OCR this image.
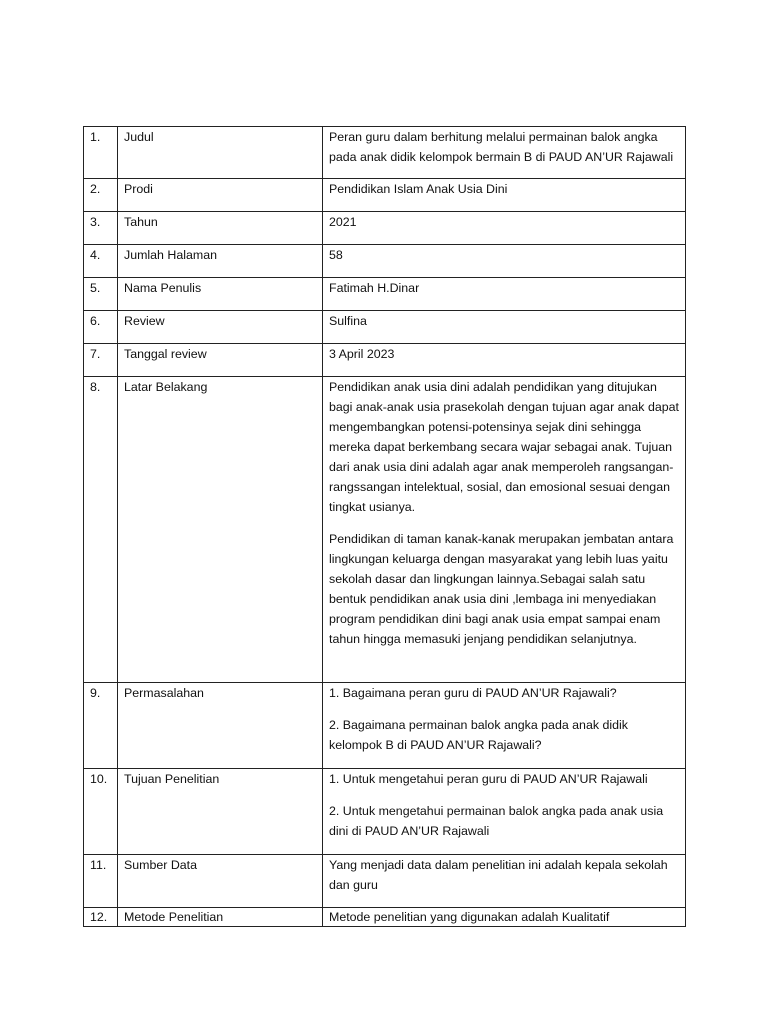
1.	Judul	Peran guru dalam berhitung melalui permainan balok angka pada anak didik kelompok bermain B di PAUD AN’UR Rajawali

2.	Prodi	Pendidikan Islam Anak Usia Dini

3.	Tahun	2021

4.	Jumlah Halaman	58

5.	Nama Penulis	Fatimah H.Dinar

6.	Review	Sulfina

7.	Tanggal review	3 April 2023

8.	Latar Belakang	Pendidikan anak usia dini adalah pendidikan yang ditujukan bagi anak-anak usia prasekolah dengan tujuan agar anak dapat mengembangkan potensi-potensinya sejak dini sehingga mereka dapat berkembang secara wajar sebagai anak. Tujuan dari anak usia dini adalah agar anak memperoleh rangsangan-rangssangan intelektual, sosial, dan emosional sesuai dengan tingkat usianya.
Pendidikan di taman kanak-kanak merupakan jembatan antara lingkungan keluarga dengan masyarakat yang lebih luas yaitu sekolah dasar dan lingkungan lainnya.Sebagai salah satu bentuk pendidikan anak usia dini ,lembaga ini menyediakan program pendidikan dini bagi anak usia empat sampai enam tahun hingga memasuki jenjang pendidikan selanjutnya.

9.	Permasalahan	1. Bagaimana peran guru di PAUD AN’UR Rajawali?
2. Bagaimana permainan balok angka pada anak didik kelompok B di PAUD AN’UR Rajawali?

10.	Tujuan Penelitian	1. Untuk mengetahui peran guru di PAUD AN’UR Rajawali
2. Untuk mengetahui permainan balok angka pada anak usia dini di PAUD AN’UR Rajawali

11.	Sumber Data	Yang menjadi data dalam penelitian ini adalah kepala sekolah dan guru

12.	Metode Penelitian	Metode penelitian yang digunakan adalah Kualitatif
